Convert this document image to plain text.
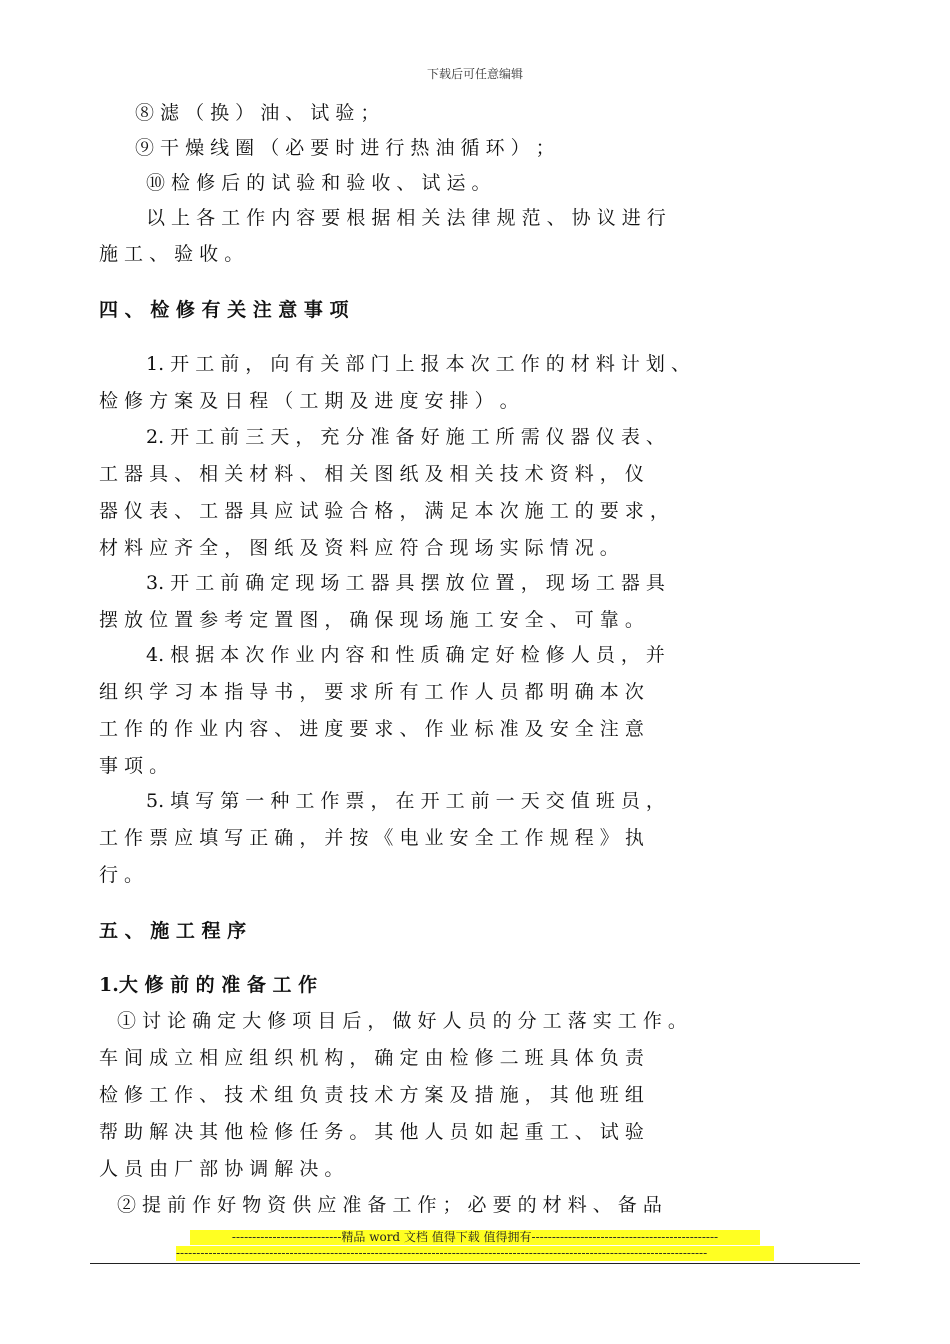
下载后可任意编辑
⑧ 滤 （ 换 ） 油 、 试 验 ；
⑨ 干 燥 线 圈 （ 必 要 时 进 行 热 油 循 环 ） ；
⑩ 检 修 后 的 试 验 和 验 收 、 试 运 。
以 上 各 工 作 内 容 要 根 据 相 关 法 律 规 范 、 协 议 进 行
施 工 、 验 收 。
四 、 检 修 有 关 注 意 事 项
1. 开 工 前 ， 向 有 关 部 门 上 报 本 次 工 作 的 材 料 计 划 、
检 修 方 案 及 日 程 （ 工 期 及 进 度 安 排 ） 。
2. 开 工 前 三 天 ， 充 分 准 备 好 施 工 所 需 仪 器 仪 表 、
工 器 具 、 相 关 材 料 、 相 关 图 纸 及 相 关 技 术 资 料 ， 仪
器 仪 表 、 工 器 具 应 试 验 合 格 ， 满 足 本 次 施 工 的 要 求 ，
材 料 应 齐 全 ， 图 纸 及 资 料 应 符 合 现 场 实 际 情 况 。
3. 开 工 前 确 定 现 场 工 器 具 摆 放 位 置 ， 现 场 工 器 具
摆 放 位 置 参 考 定 置 图 ， 确 保 现 场 施 工 安 全 、 可 靠 。
4. 根 据 本 次 作 业 内 容 和 性 质 确 定 好 检 修 人 员 ， 并
组 织 学 习 本 指 导 书 ， 要 求 所 有 工 作 人 员 都 明 确 本 次
工 作 的 作 业 内 容 、 进 度 要 求 、 作 业 标 准 及 安 全 注 意
事 项 。
5. 填 写 第 一 种 工 作 票 ， 在 开 工 前 一 天 交 值 班 员 ，
工 作 票 应 填 写 正 确 ， 并 按 《 电 业 安 全 工 作 规 程 》 执
行 。
五 、 施 工 程 序
1.大 修 前 的 准 备 工 作
① 讨 论 确 定 大 修 项 目 后 ， 做 好 人 员 的 分 工 落 实 工 作 。
车 间 成 立 相 应 组 织 机 构 ， 确 定 由 检 修 二 班 具 体 负 责
检 修 工 作 、 技 术 组 负 责 技 术 方 案 及 措 施 ， 其 他 班 组
帮 助 解 决 其 他 检 修 任 务 。 其 他 人 员 如 起 重 工 、 试 验
人 员 由 厂 部 协 调 解 决 。
② 提 前 作 好 物 资 供 应 准 备 工 作 ； 必 要 的 材 料 、 备 品
---------------------------精品 word 文档 值得下载 值得拥有----------------------------------------------
-----------------------------------------------------------------------------------------------------------------------------------
